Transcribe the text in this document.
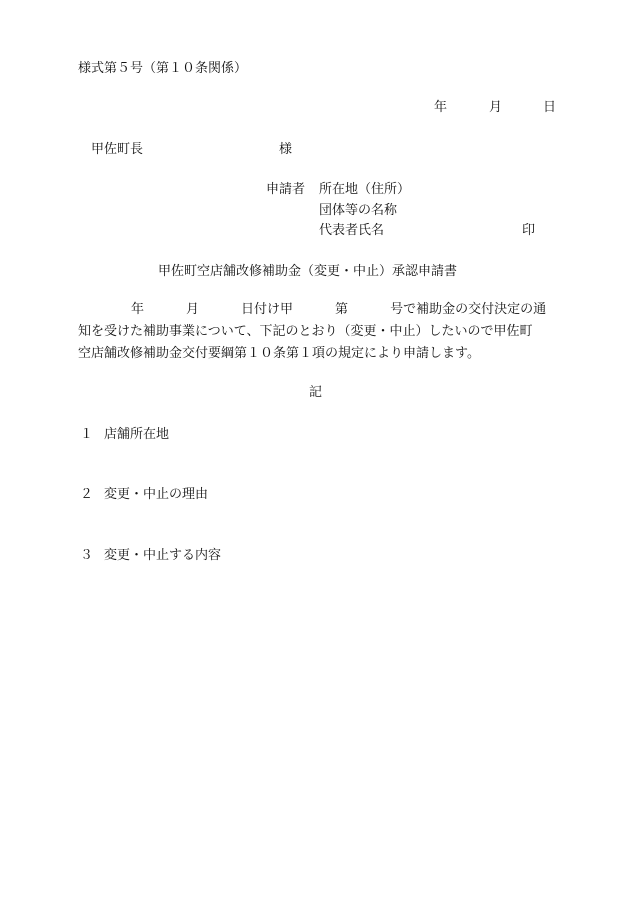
様式第５号（第１０条関係）
年	月	日
甲佐町長	様
申請者 所在地（住所）
団体等の名称
代表者氏名	印
甲佐町空店舗改修補助金（変更・中止）承認申請書
年	月	日付け甲	第	号で補助金の交付決定の通
知を受けた補助事業について、下記のとおり（変更・中止）したいので甲佐町
空店舗改修補助金交付要綱第１０条第１項の規定により申請します。
記
１ 店舗所在地
２ 変更・中止の理由
３ 変更・中止する内容
